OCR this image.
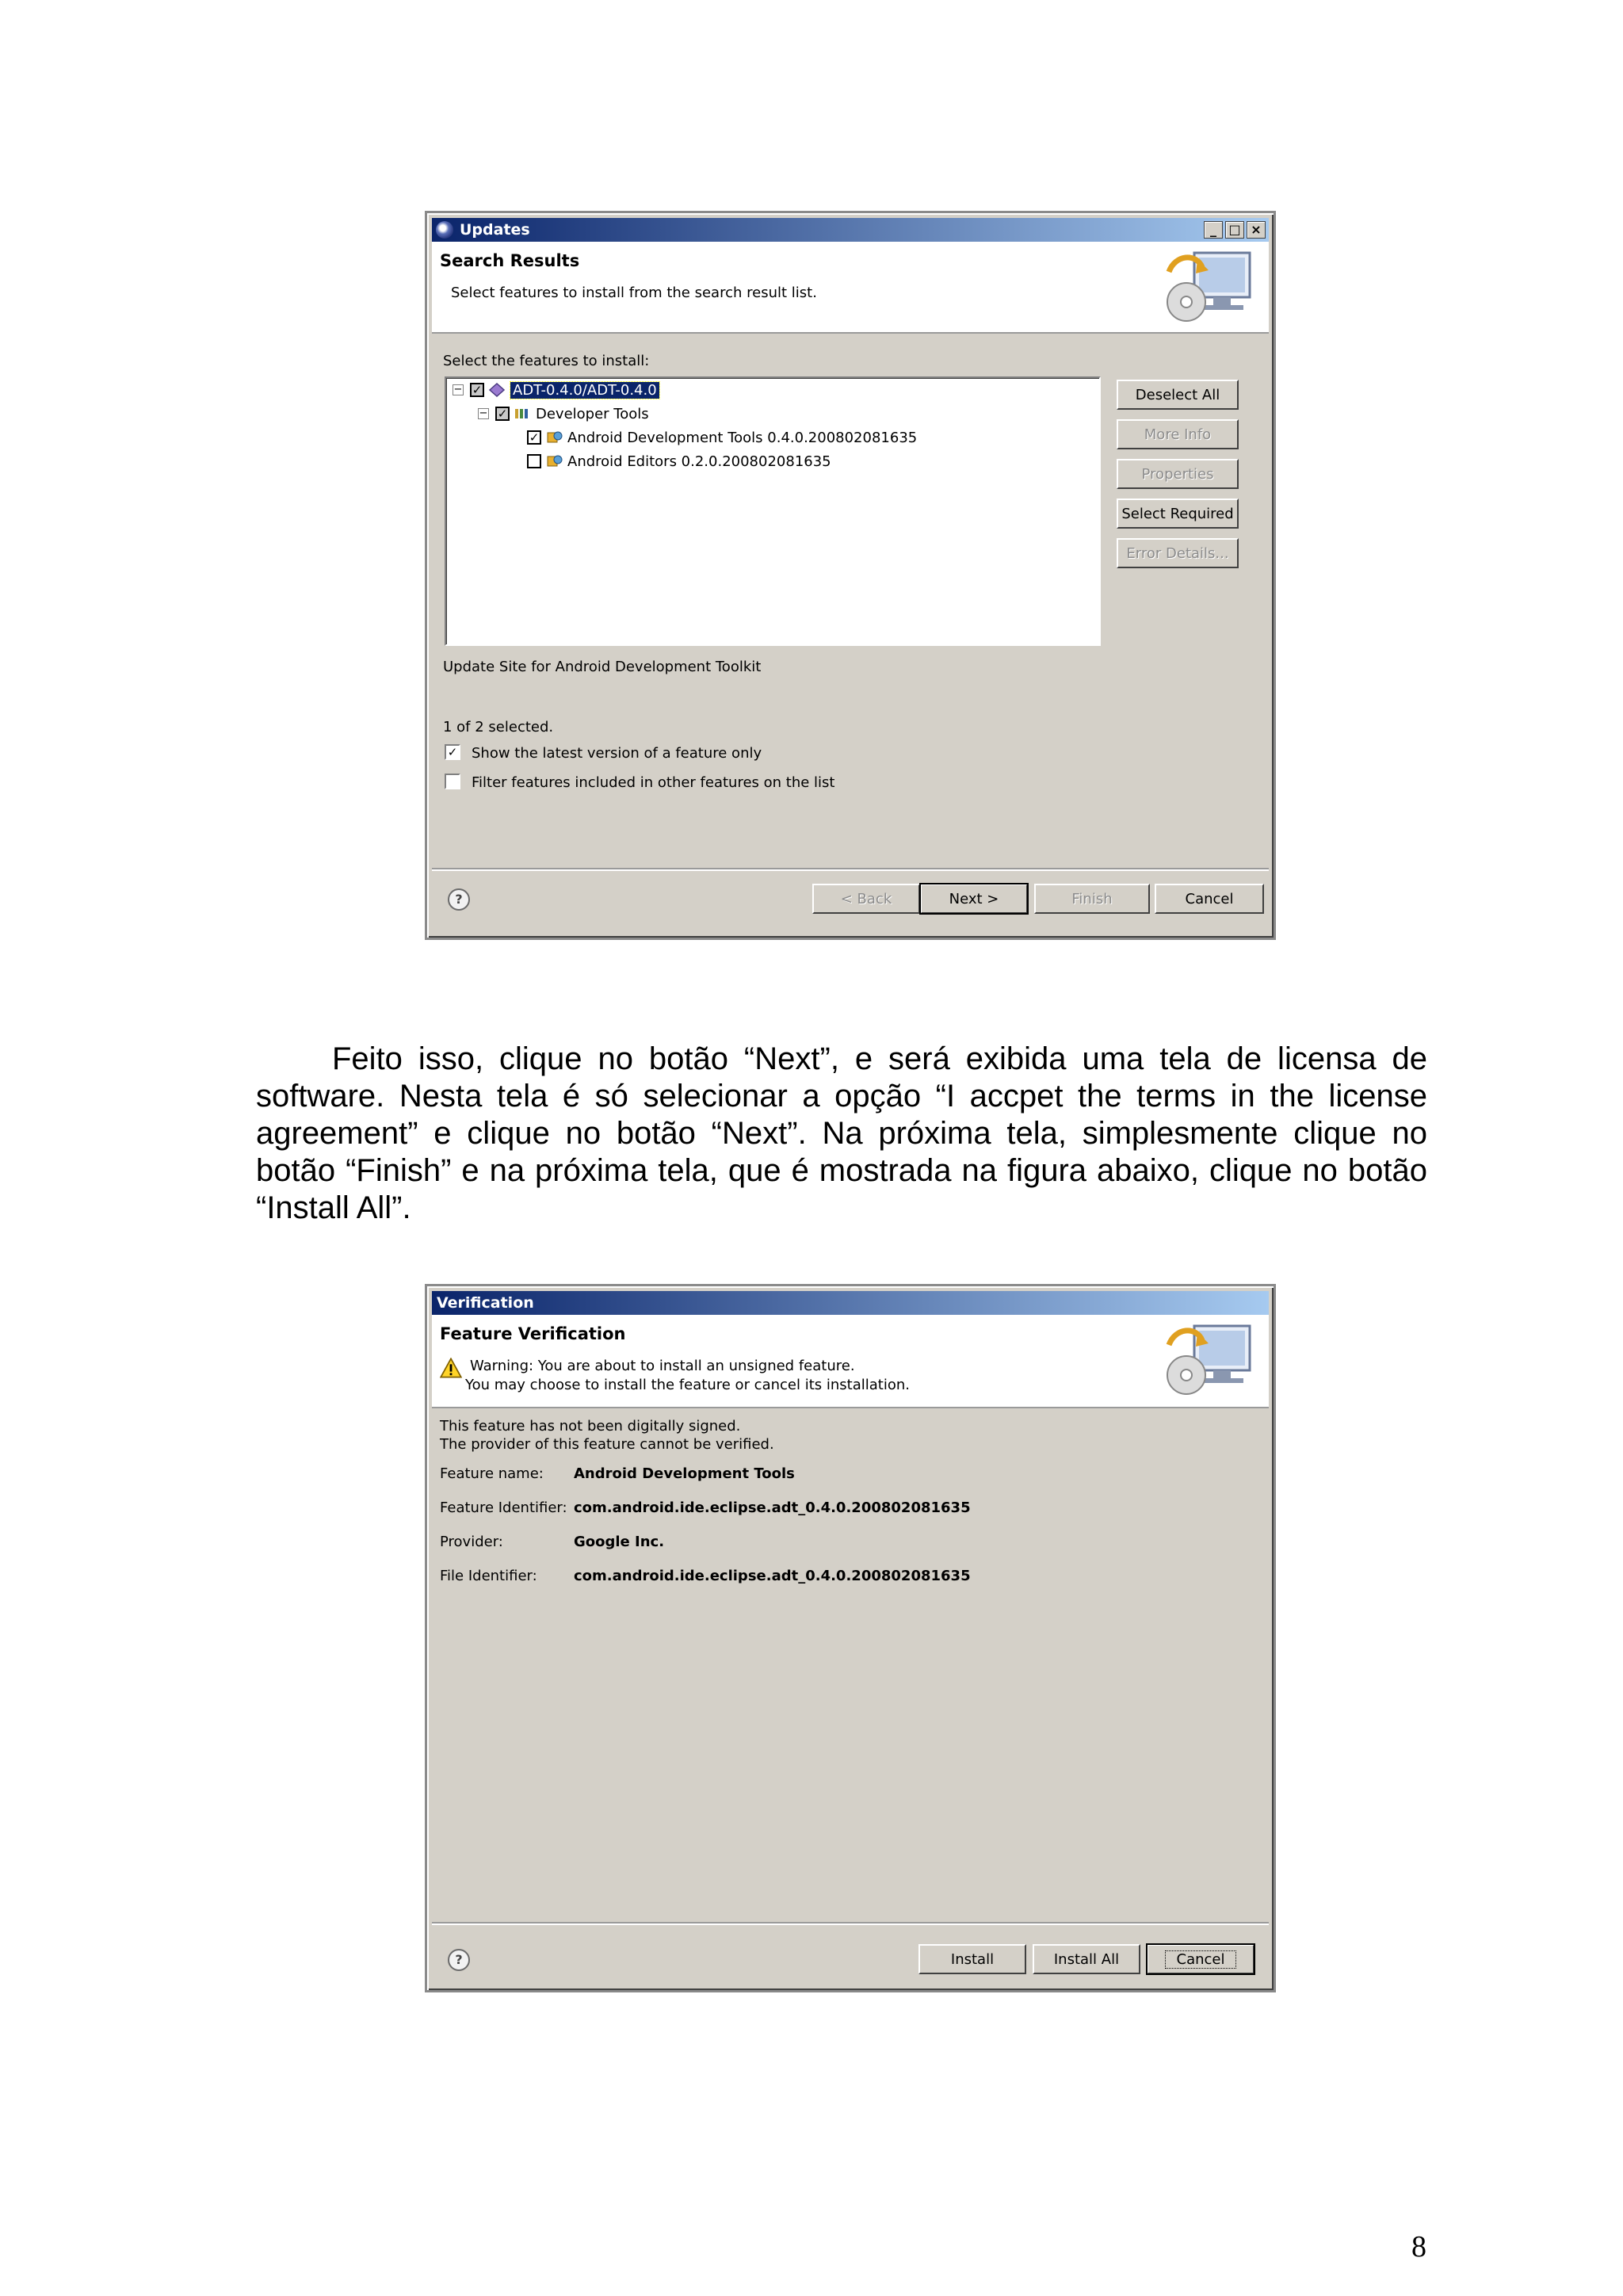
Updates	_ □ ×
Search Results
Select features to install from the search result list.
Select the features to install:
− ✓ ADT-0.4.0/ADT-0.4.0
− ✓ Developer Tools
✓ Android Development Tools 0.4.0.200802081635
Android Editors 0.2.0.200802081635
Deselect All
More Info
Properties
Select Required
Error Details...
Update Site for Android Development Toolkit
1 of 2 selected.
✓ Show the latest version of a feature only
Filter features included in other features on the list
?	< Back	Next >	Finish	Cancel

Feito isso, clique no botão “Next”, e será exibida uma tela de licensa de software. Nesta tela é só selecionar a opção “I accpet the terms in the license agreement” e clique no botão “Next”. Na próxima tela, simplesmente clique no botão “Finish” e na próxima tela, que é mostrada na figura abaixo, clique no botão “Install All”.

Verification
Feature Verification
Warning: You are about to install an unsigned feature.
You may choose to install the feature or cancel its installation.
This feature has not been digitally signed.
The provider of this feature cannot be verified.
Feature name: Android Development Tools
Feature Identifier: com.android.ide.eclipse.adt_0.4.0.200802081635
Provider:	Google Inc.
File Identifier:	com.android.ide.eclipse.adt_0.4.0.200802081635
?	Install	Install All	Cancel
8
